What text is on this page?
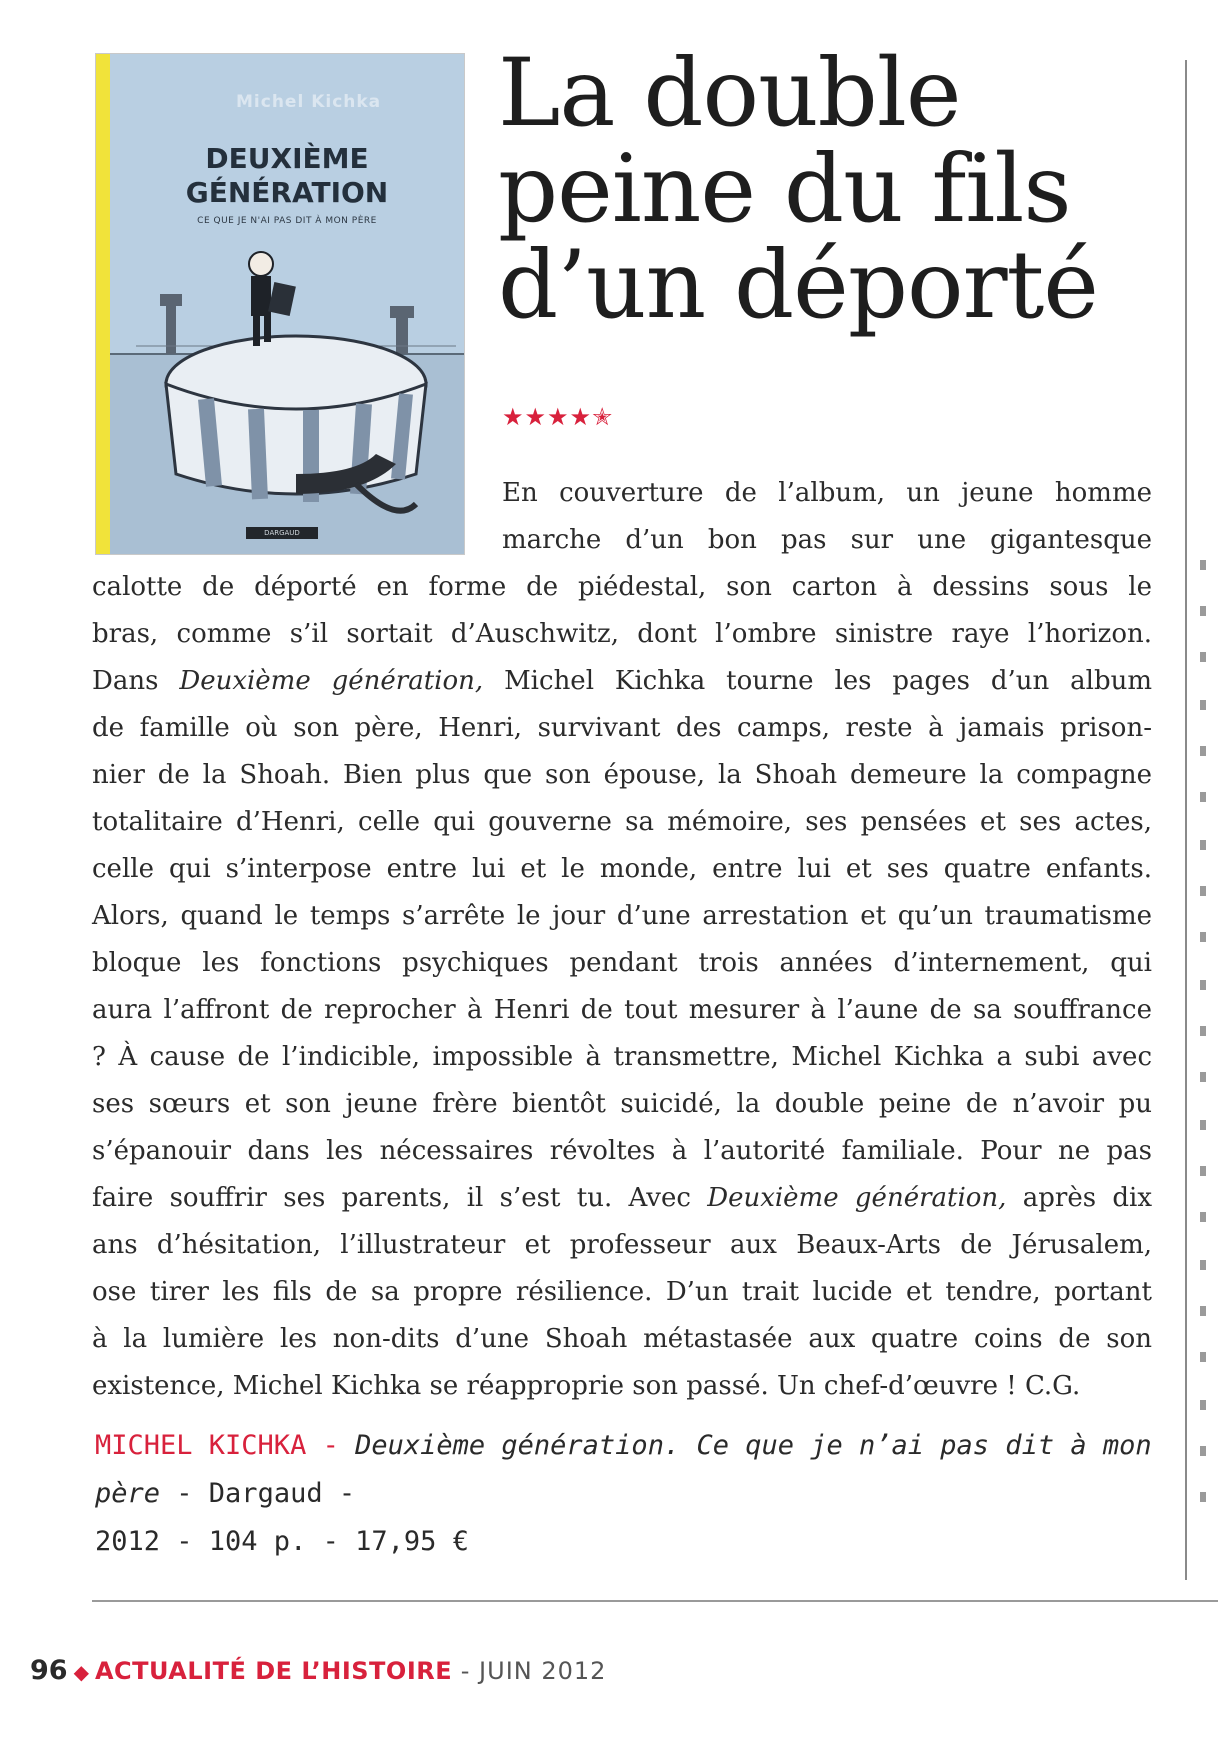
Michel Kichka
DEUXIÈME
GÉNÉRATION
CE QUE JE N'AI PAS DIT À MON PÈRE
DARGAUD
La double
peine du fils
d’un déporté
★★★★✭
En couverture de l’album, un jeune homme
marche d’un bon pas sur une gigantesque
calotte de déporté en forme de piédestal, son carton à dessins sous le
bras, comme s’il sortait d’Auschwitz, dont l’ombre sinistre raye l’horizon.
Dans Deuxième génération, Michel Kichka tourne les pages d’un album
de famille où son père, Henri, survivant des camps, reste à jamais prison-
nier de la Shoah. Bien plus que son épouse, la Shoah demeure la compagne
totalitaire d’Henri, celle qui gouverne sa mémoire, ses pensées et ses actes,
celle qui s’interpose entre lui et le monde, entre lui et ses quatre enfants.
Alors, quand le temps s’arrête le jour d’une arrestation et qu’un traumatisme
bloque les fonctions psychiques pendant trois années d’internement, qui
aura l’affront de reprocher à Henri de tout mesurer à l’aune de sa souffrance
? À cause de l’indicible, impossible à transmettre, Michel Kichka a subi avec
ses sœurs et son jeune frère bientôt suicidé, la double peine de n’avoir pu
s’épanouir dans les nécessaires révoltes à l’autorité familiale. Pour ne pas
faire souffrir ses parents, il s’est tu. Avec Deuxième génération, après dix
ans d’hésitation, l’illustrateur et professeur aux Beaux-Arts de Jérusalem,
ose tirer les fils de sa propre résilience. D’un trait lucide et tendre, portant
à la lumière les non-dits d’une Shoah métastasée aux quatre coins de son
existence, Michel Kichka se réapproprie son passé. Un chef-d’œuvre ! C.G.
MICHEL KICHKA - Deuxième génération. Ce que je n’ai pas dit à mon père - Dargaud -
2012 - 104 p. - 17,95 €
96 ◆ ACTUALITÉ DE L’HISTOIRE - JUIN 2012
